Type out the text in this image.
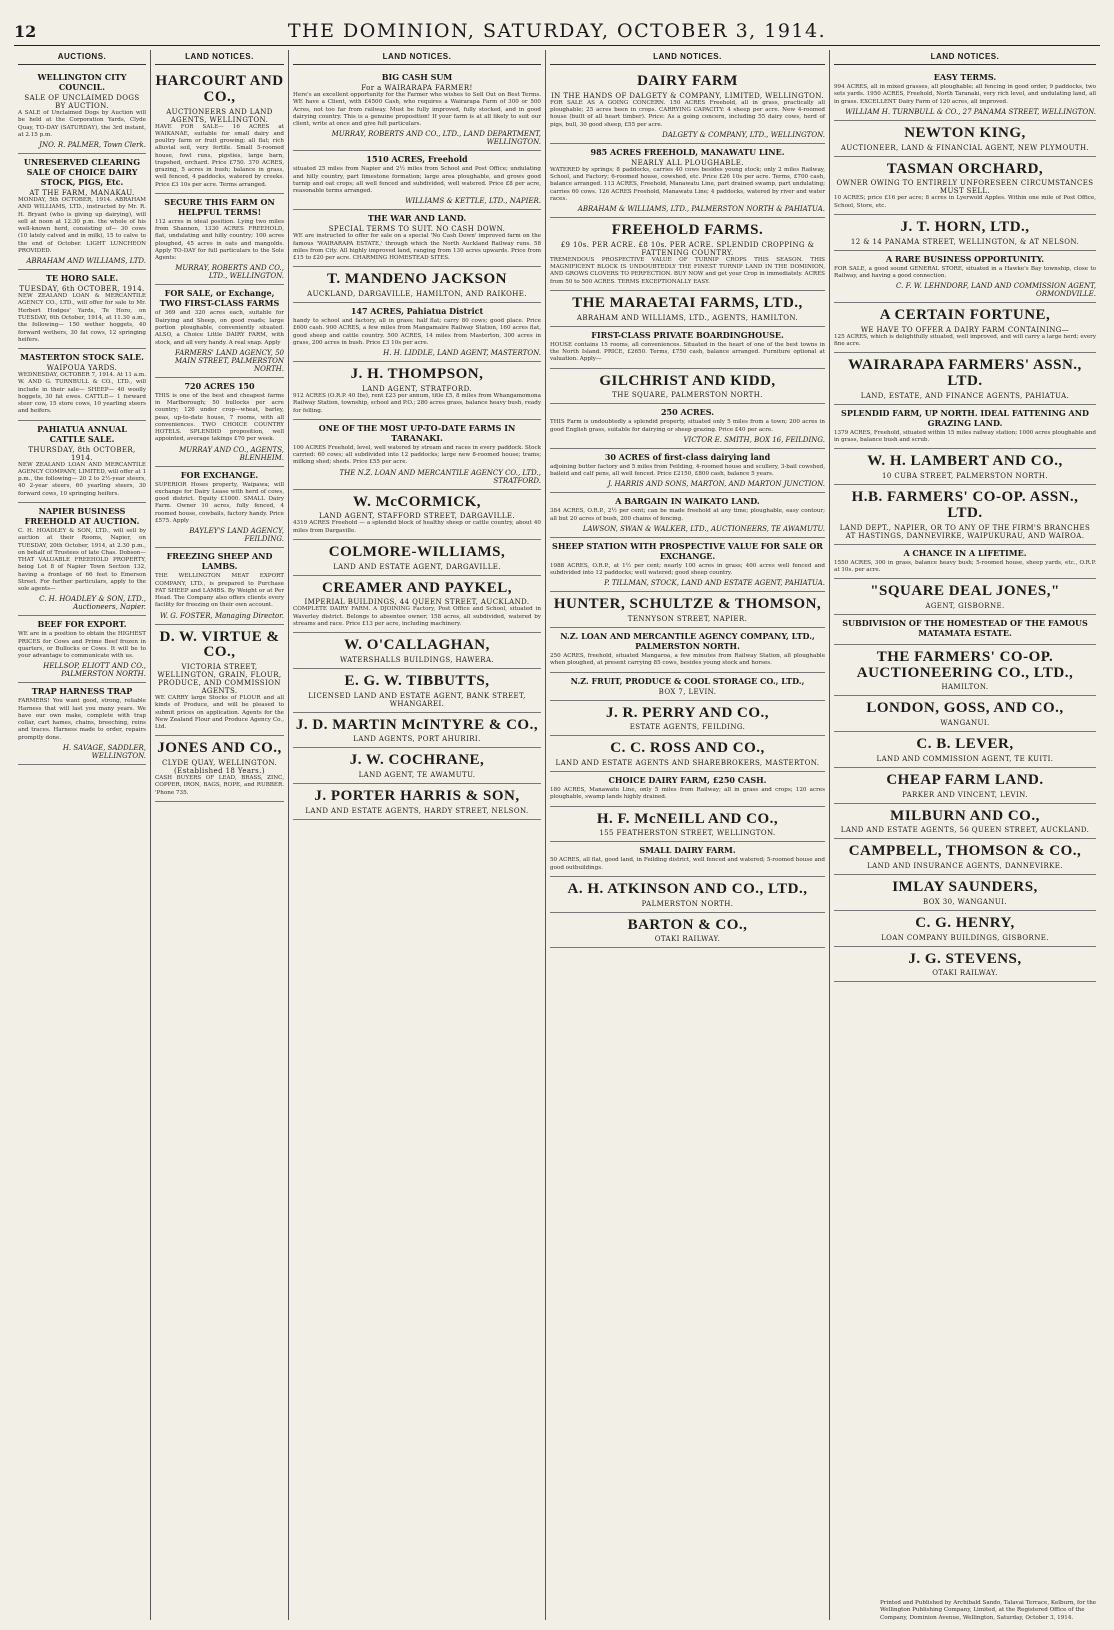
12	THE DOMINION, SATURDAY, OCTOBER 3, 1914.
AUCTIONS.
WELLINGTON CITY COUNCIL.
SALE OF UNCLAIMED DOGS BY AUCTION.
A SALE of Unclaimed Dogs by Auction will be held at the Corporation Yards, Clyde Quay, TO-DAY (SATURDAY), the 3rd instant, at 2.15 p.m.
JNO. R. PALMER, Town Clerk.
UNRESERVED CLEARING SALE OF CHOICE DAIRY STOCK, PIGS, Etc.
AT THE FARM, MANAKAU.
MONDAY, 5th OCTOBER, 1914. ABRAHAM AND WILLIAMS, LTD., instructed by Mr. R. H. Bryant (who is giving up dairying), will sell at noon at 12.30 p.m. the whole of his well-known herd, consisting of— 30 cows (10 lately calved and in milk), 15 to calve to the end of October. LIGHT LUNCHEON PROVIDED.
ABRAHAM AND WILLIAMS, LTD.
TE HORO SALE.
TUESDAY, 6th OCTOBER, 1914.
NEW ZEALAND LOAN & MERCANTILE AGENCY CO., LTD., will offer for sale to Mr. Herbert Hodges' Yards, Te Horo, on TUESDAY, 6th October, 1914, at 11.30 a.m., the following— 150 wether hoggets, 40 forward wethers, 30 fat cows, 12 springing heifers.
MASTERTON STOCK SALE.
WAIPOUA YARDS.
WEDNESDAY, OCTOBER 7, 1914. At 11 a.m. W. AND G. TURNBULL & CO., LTD., will include in their sale— SHEEP— 40 woolly hoggets, 30 fat ewes. CATTLE— 1 forward steer cow, 15 store cows, 10 yearling steers and heifers.
PAHIATUA ANNUAL CATTLE SALE.
THURSDAY, 8th OCTOBER, 1914.
NEW ZEALAND LOAN AND MERCANTILE AGENCY COMPANY, LIMITED, will offer at 1 p.m., the following— 20 2 to 2½-year steers, 40 2-year steers, 60 yearling steers, 30 forward cows, 10 springing heifers.
NAPIER BUSINESS FREEHOLD AT AUCTION.
C. H. HOADLEY & SON, LTD., will sell by auction at their Rooms, Napier, on TUESDAY, 20th October, 1914, at 2.30 p.m., on behalf of Trustees of late Chas. Dobson— THAT VALUABLE FREEHOLD PROPERTY, being Lot 8 of Napier Town Section 132, having a frontage of 66 feet to Emerson Street. For further particulars, apply to the sole agents—
C. H. HOADLEY & SON, LTD., Auctioneers, Napier.
BEEF FOR EXPORT.
WE are in a position to obtain the HIGHEST PRICES for Cows and Prime Beef frozen in quarters, or Bullocks or Cows. It will be to your advantage to communicate with us.
HELLSOP, ELIOTT AND CO., PALMERSTON NORTH.
TRAP HARNESS TRAP
FARMERS! You want good, strong, reliable Harness that will last you many years. We have our own make, complete with trap collar, cart hames, chains, breeching, reins and traces. Harness made to order, repairs promptly done.
H. SAVAGE, SADDLER, WELLINGTON.
LAND NOTICES.
HARCOURT AND CO.,
AUCTIONEERS AND LAND AGENTS, WELLINGTON.
HAVE FOR SALE— 16 ACRES at WAIKANAE, suitable for small dairy and poultry farm or fruit growing; all flat; rich alluvial soil, very fertile. Small 5-roomed house, fowl runs, pigsties, large barn, trapshed, orchard. Price £750. 370 ACRES, grazing, 5 acres in bush; balance in grass, well fenced, 4 paddocks, watered by creeks. Price £3 10s per acre. Terms arranged.
SECURE THIS FARM ON HELPFUL TERMS!
112 acres in ideal position. Lying two miles from Shannon, 1330 ACRES FREEHOLD, flat, undulating and hilly country; 100 acres ploughed, 45 acres in oats and mangolds. Apply TO-DAY for full particulars to the Sole Agents:
MURRAY, ROBERTS AND CO., LTD., WELLINGTON.
FOR SALE, or Exchange, TWO FIRST-CLASS FARMS
of 369 and 320 acres each, suitable for Dairying and Sheep, on good roads; large portion ploughable, conveniently situated. ALSO, a Choice Little DAIRY FARM, with stock, and all very handy. A real snap. Apply
FARMERS' LAND AGENCY, 50 MAIN STREET, PALMERSTON NORTH.
720 ACRES 150
THIS is one of the best and cheapest farms in Marlborough; 50 bullocks per acre country; 126 under crop—wheat, barley, peas, up-to-date house, 7 rooms, with all conveniences. TWO CHOICE COUNTRY HOTELS. SPLENDID proposition, well appointed, average takings £70 per week.
MURRAY AND CO., AGENTS, BLENHEIM.
FOR EXCHANGE.
SUPERIOR Hoses property, Waipawa; will exchange for Dairy Lease with herd of cows, good district. Equity £1000. SMALL Dairy Farm. Owner 10 acres, fully fenced, 4 roomed house, cowbails, factory handy. Price £575. Apply
BAYLEY'S LAND AGENCY, FEILDING.
FREEZING SHEEP AND LAMBS.
THE WELLINGTON MEAT EXPORT COMPANY, LTD., is prepared to Purchase FAT SHEEP and LAMBS. By Weight or at Per Head. The Company also offers clients every facility for freezing on their own account.
W. G. FOSTER, Managing Director.
D. W. VIRTUE & CO.,
VICTORIA STREET, WELLINGTON, GRAIN, FLOUR, PRODUCE, AND COMMISSION AGENTS.
WE CARRY large Stocks of FLOUR and all kinds of Produce, and will be pleased to submit prices on application. Agents for the New Zealand Flour and Produce Agency Co., Ltd.
JONES AND CO.,
CLYDE QUAY, WELLINGTON. (Established 18 Years.)
CASH BUYERS OF LEAD, BRASS, ZINC, COPPER, IRON, BAGS, ROPE, and RUBBER. 'Phone 735.
LAND NOTICES.
BIG CASH SUM
For a WAIRARAPA FARMER!
Here's an excellent opportunity for the Farmer who wishes to Sell Out on Best Terms. WE have a Client, with £4500 Cash, who requires a Wairarapa Farm of 300 or 500 Acres, not too far from railway. Must be fully improved, fully stocked, and in good dairying country. This is a genuine proposition! If your farm is at all likely to suit our client, write at once and give full particulars.
MURRAY, ROBERTS AND CO., LTD., LAND DEPARTMENT, WELLINGTON.
1510 ACRES, Freehold
situated 25 miles from Napier and 2½ miles from School and Post Office; undulating and hilly country, part limestone formation; large area ploughable, and grows good turnip and oat crops; all well fenced and subdivided, well watered. Price £8 per acre, reasonable terms arranged.
WILLIAMS & KETTLE, LTD., NAPIER.
THE WAR AND LAND.
SPECIAL TERMS TO SUIT. NO CASH DOWN.
WE are instructed to offer for sale on a special 'No Cash Down' improved farm on the famous 'WAIRARAPA ESTATE,' through which the North Auckland Railway runs. 58 miles from City. All highly improved land, ranging from 130 acres upwards. Price from £15 to £20 per acre. CHARMING HOMESTEAD SITES.
T. MANDENO JACKSON
AUCKLAND, DARGAVILLE, HAMILTON, AND RAIKOHE.
147 ACRES, Pahiatua District
handy to school and factory, all in grass; half flat; carry 80 cows; good place. Price £600 cash. 900 ACRES, a few miles from Mangamaire Railway Station, 160 acres flat, good sheep and cattle country. 500 ACRES, 14 miles from Masterton, 300 acres in grass, 200 acres in bush. Price £3 10s per acre.
H. H. LIDDLE, LAND AGENT, MASTERTON.
J. H. THOMPSON,
LAND AGENT, STRATFORD.
912 ACRES (O.R.P. 40 Ibs), rent £23 per annum, title £5, 8 miles from Whangamomona Railway Station, township, school and P.O.; 280 acres grass, balance heavy bush, ready for felling.
ONE OF THE MOST UP-TO-DATE FARMS IN TARANAKI.
100 ACRES Freehold, level, well watered by stream and races in every paddock. Stock carried: 60 cows; all subdivided into 12 paddocks; large new 8-roomed house; trams; milking shed; sheds. Price £55 per acre.
THE N.Z. LOAN AND MERCANTILE AGENCY CO., LTD., STRATFORD.
W. McCORMICK,
LAND AGENT, STAFFORD STREET, DARGAVILLE.
4319 ACRES Freehold — a splendid block of healthy sheep or cattle country, about 40 miles from Dargaville.
COLMORE-WILLIAMS,
LAND AND ESTATE AGENT, DARGAVILLE.
CREAMER AND PAYKEL,
IMPERIAL BUILDINGS, 44 QUEEN STREET, AUCKLAND.
COMPLETE DAIRY FARM. A DJOINING Factory, Post Office and School, situated in Waverley district. Belongs to absentee owner; 158 acres, all subdivided, watered by streams and race. Price £13 per acre, including machinery.
W. O'CALLAGHAN,
WATERSHALLS BUILDINGS, HAWERA.
E. G. W. TIBBUTTS,
LICENSED LAND AND ESTATE AGENT, BANK STREET, WHANGAREI.
J. D. MARTIN McINTYRE & CO.,
LAND AGENTS, PORT AHURIRI.
J. W. COCHRANE,
LAND AGENT, TE AWAMUTU.
J. PORTER HARRIS & SON,
LAND AND ESTATE AGENTS, HARDY STREET, NELSON.
LAND NOTICES.
DAIRY FARM
IN THE HANDS OF DALGETY & COMPANY, LIMITED, WELLINGTON.
FOR SALE AS A GOING CONCERN. 150 ACRES Freehold, all in grass, practically all ploughable; 25 acres been in crops. CARRYING CAPACITY: 4 sheep per acre. New 4-roomed house (built of all heart timber). Price: As a going concern, including 55 dairy cows, herd of pigs, bull, 30 good sheep, £55 per acre.
DALGETY & COMPANY, LTD., WELLINGTON.
985 ACRES FREEHOLD, MANAWATU LINE.
NEARLY ALL PLOUGHABLE.
WATERED by springs; 8 paddocks, carries 40 cows besides young stock; only 2 miles Railway, School, and Factory; 6-roomed house, cowshed, etc. Price £26 10s per acre. Terms, £700 cash, balance arranged. 113 ACRES, Freehold, Manawatu Line, part drained swamp, part undulating; carries 60 cows. 126 ACRES Freehold, Manawatu Line; 4 paddocks, watered by river and water races.
ABRAHAM & WILLIAMS, LTD., PALMERSTON NORTH & PAHIATUA.
FREEHOLD FARMS.
£9 10s. PER ACRE. £8 10s. PER ACRE. SPLENDID CROPPING & FATTENING COUNTRY.
TREMENDOUS PROSPECTIVE VALUE OF TURNIP CROPS THIS SEASON. THIS MAGNIFICENT BLOCK IS UNDOUBTEDLY THE FINEST TURNIP LAND IN THE DOMINION, AND GROWS CLOVERS TO PERFECTION. BUY NOW and get your Crop in immediately. ACRES from 50 to 500 ACRES. TERMS EXCEPTIONALLY EASY.
THE MARAETAI FARMS, LTD.,
ABRAHAM AND WILLIAMS, LTD., AGENTS, HAMILTON.
FIRST-CLASS PRIVATE BOARDINGHOUSE.
HOUSE contains 15 rooms, all conveniences. Situated in the heart of one of the best towns in the North Island. PRICE, £2650. Terms, £750 cash, balance arranged. Furniture optional at valuation. Apply—
GILCHRIST AND KIDD,
THE SQUARE, PALMERSTON NORTH.
250 ACRES.
THIS Farm is undoubtedly a splendid property, situated only 5 miles from a town; 200 acres in good English grass, suitable for dairying or sheep grazing. Price £40 per acre.
VICTOR E. SMITH, BOX 16, FEILDING.
30 ACRES of first-class dairying land
adjoining butter factory and 5 miles from Feilding, 4-roomed house and scullery, 3-bail cowshed, baileid and calf pens, all well fenced. Price £2150, £800 cash, balance 5 years.
J. HARRIS AND SONS, MARTON, AND MARTON JUNCTION.
A BARGAIN IN WAIKATO LAND.
384 ACRES, O.R.P., 2½ per cent; can be made freehold at any time; ploughable, easy contour; all but 20 acres of bush, 200 chains of fencing.
LAWSON, SWAN & WALKER, LTD., AUCTIONEERS, TE AWAMUTU.
SHEEP STATION WITH PROSPECTIVE VALUE FOR SALE OR EXCHANGE.
1988 ACRES, O.R.P., at 1½ per cent; nearly 100 acres in grass; 400 acres well fenced and subdivided into 12 paddocks; well watered; good sheep country.
P. TILLMAN, STOCK, LAND AND ESTATE AGENT, PAHIATUA.
HUNTER, SCHULTZE & THOMSON,
TENNYSON STREET, NAPIER.
N.Z. LOAN AND MERCANTILE AGENCY COMPANY, LTD., PALMERSTON NORTH.
250 ACRES, freehold, situated Mangaroa, a few minutes from Railway Station, all ploughable when ploughed, at present carrying 85 cows, besides young stock and horses.
N.Z. FRUIT, PRODUCE & COOL STORAGE CO., LTD.,
BOX 7, LEVIN.
J. R. PERRY AND CO.,
ESTATE AGENTS, FEILDING.
C. C. ROSS AND CO.,
LAND AND ESTATE AGENTS AND SHAREBROKERS, MASTERTON.
CHOICE DAIRY FARM, £250 CASH.
180 ACRES, Manawatu Line, only 5 miles from Railway; all in grass and crops; 120 acres ploughable, swamp lands highly drained.
H. F. McNEILL AND CO.,
155 FEATHERSTON STREET, WELLINGTON.
SMALL DAIRY FARM.
50 ACRES, all flat, good land, in Feilding district, well fenced and watered; 5-roomed house and good outbuildings.
A. H. ATKINSON AND CO., LTD.,
PALMERSTON NORTH.
BARTON & CO.,
OTAKI RAILWAY.
LAND NOTICES.
EASY TERMS.
994 ACRES, all in mixed grasses, all ploughable; all fencing in good order, 9 paddocks, two sets yards. 1950 ACRES, Freehold, North Taranaki, very rich level, and undulating land, all in grass. EXCELLENT Dairy Farm of 120 acres, all improved.
WILLIAM H. TURNBULL & CO., 27 PANAMA STREET, WELLINGTON.
NEWTON KING,
AUCTIONEER, LAND & FINANCIAL AGENT, NEW PLYMOUTH.
TASMAN ORCHARD,
OWNER OWING TO ENTIRELY UNFORESEEN CIRCUMSTANCES MUST SELL.
10 ACRES; price £16 per acre; 8 acres in Lyerwold Apples. Within one mile of Post Office, School, Store, etc.
J. T. HORN, LTD.,
12 & 14 PANAMA STREET, WELLINGTON, & AT NELSON.
A RARE BUSINESS OPPORTUNITY.
FOR SALE, a good sound GENERAL STORE, situated in a Hawke's Bay township, close to Railway, and having a good connection.
C. F. W. LEHNDORF, LAND AND COMMISSION AGENT, ORMONDVILLE.
A CERTAIN FORTUNE,
WE HAVE TO OFFER A DAIRY FARM CONTAINING—
125 ACRES, which is delightfully situated, well improved, and will carry a large herd; every fine acre.
WAIRARAPA FARMERS' ASSN., LTD.
LAND, ESTATE, AND FINANCE AGENTS, PAHIATUA.
SPLENDID FARM, UP NORTH. IDEAL FATTENING AND GRAZING LAND.
1379 ACRES, Freehold, situated within 15 miles railway station; 1000 acres ploughable and in grass, balance bush and scrub.
W. H. LAMBERT AND CO.,
10 CUBA STREET, PALMERSTON NORTH.
H.B. FARMERS' CO-OP. ASSN., LTD.
LAND DEPT., NAPIER, OR TO ANY OF THE FIRM'S BRANCHES AT HASTINGS, DANNEVIRKE, WAIPUKURAU, AND WAIROA.
A CHANCE IN A LIFETIME.
1550 ACRES, 300 in grass, balance heavy bush; 5-roomed house, sheep yards, etc., O.R.P. at 10s. per acre.
"SQUARE DEAL JONES,"
AGENT, GISBORNE.
SUBDIVISION OF THE HOMESTEAD OF THE FAMOUS MATAMATA ESTATE.
THE FARMERS' CO-OP. AUCTIONEERING CO., LTD.,
HAMILTON.
LONDON, GOSS, AND CO.,
WANGANUI.
C. B. LEVER,
LAND AND COMMISSION AGENT, TE KUITI.
CHEAP FARM LAND.
PARKER AND VINCENT, LEVIN.
MILBURN AND CO.,
LAND AND ESTATE AGENTS, 56 QUEEN STREET, AUCKLAND.
CAMPBELL, THOMSON & CO.,
LAND AND INSURANCE AGENTS, DANNEVIRKE.
IMLAY SAUNDERS,
BOX 30, WANGANUI.
C. G. HENRY,
LOAN COMPANY BUILDINGS, GISBORNE.
J. G. STEVENS,
OTAKI RAILWAY.
Printed and Published by Archibald Sando, Talavai Terrace, Kelburn, for the Wellington Publishing Company, Limited, at the Registered Office of the Company, Dominion Avenue, Wellington, Saturday, October 3, 1914.
